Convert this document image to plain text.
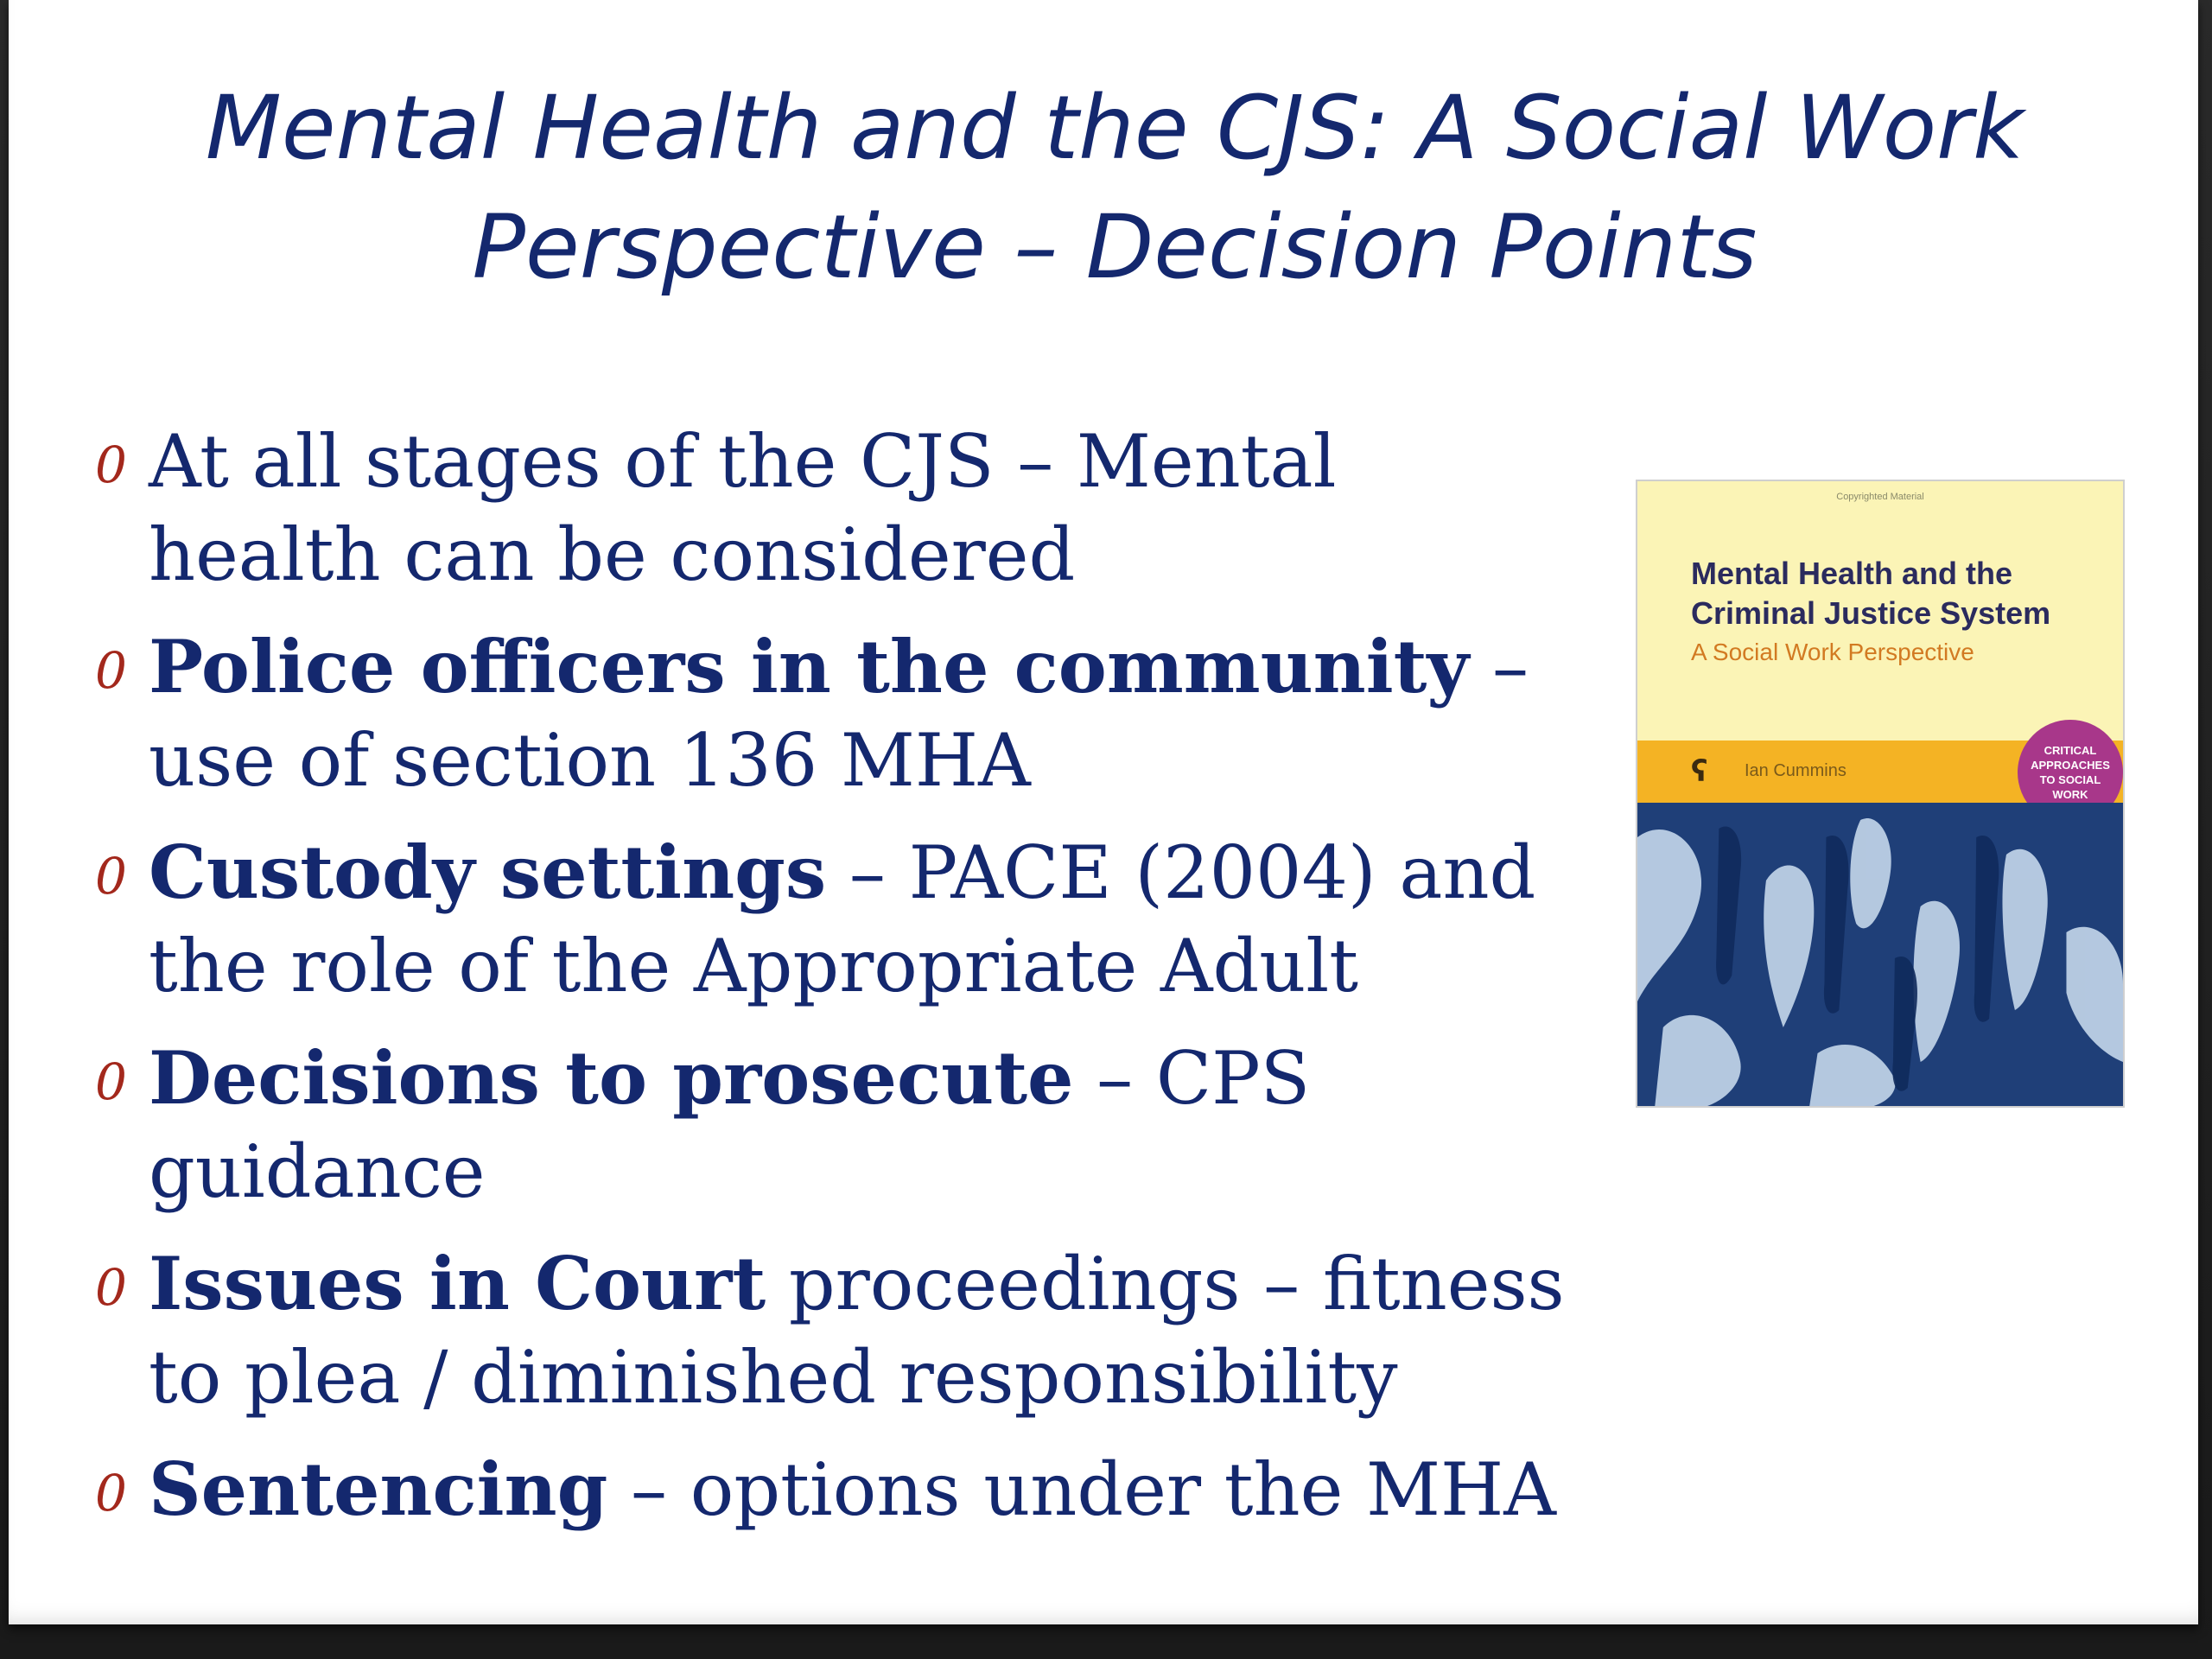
Mental Health and the CJS: A Social Work
Perspective – Decision Points
0 At all stages of the CJS – Mental health can be considered
0 Police officers in the community – use of section 136 MHA
0 Custody settings – PACE (2004) and the role of the Appropriate Adult
0 Decisions to prosecute – CPS guidance
0 Issues in Court proceedings – fitness to plea / diminished responsibility
0 Sentencing – options under the MHA
Copyrighted Material
Mental Health and the Criminal Justice System
A Social Work Perspective
ʕ	Ian Cummins
CRITICAL
APPROACHES
TO SOCIAL
WORK
